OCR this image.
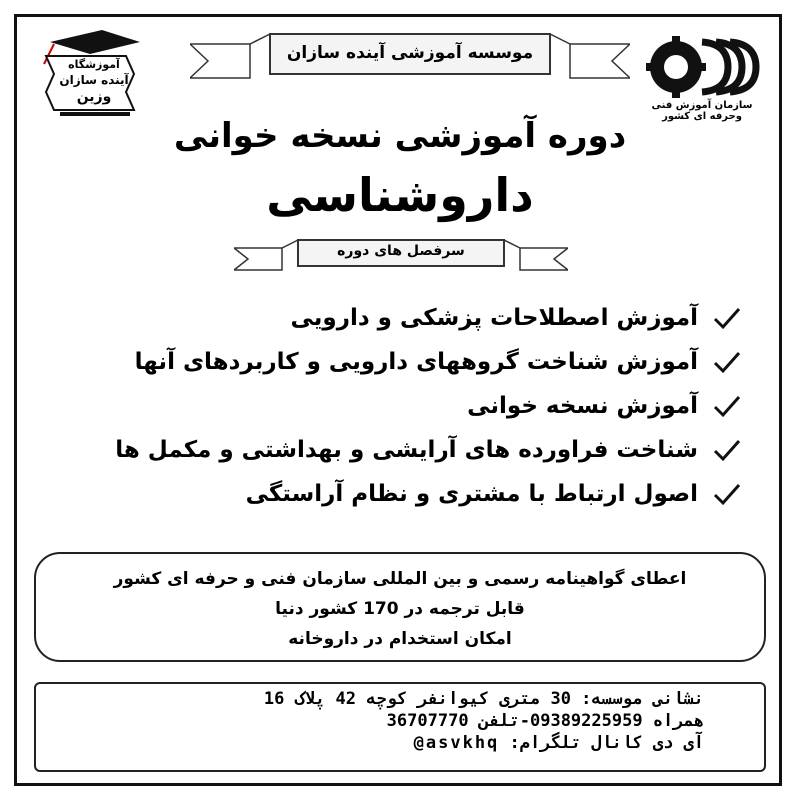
آموزشگاه
آینده سازان
وزین
سازمان آموزش فنی وحرفه ای کشور
موسسه آموزشی آینده سازان
دوره آموزشی نسخه خوانی
داروشناسی
سرفصل های دوره
آموزش اصطلاحات پزشکی و دارویی
آموزش شناخت گروههای دارویی و کاربردهای آنها
آموزش نسخه خوانی
شناخت فراورده های آرایشی و بهداشتی و مکمل ها
اصول ارتباط با مشتری و نظام آراستگی
اعطای گواهینامه رسمی و بین المللی سازمان فنی و حرفه ای کشور
قابل ترجمه در 170 کشور دنیا
امکان استخدام در داروخانه
نشانی موسسه: 30 متری کیوانفر کوچه 42 پلاک 16
همراه 09389225959-تلفن 36707770
آی دی کانال تلگرام: asvkhq@
